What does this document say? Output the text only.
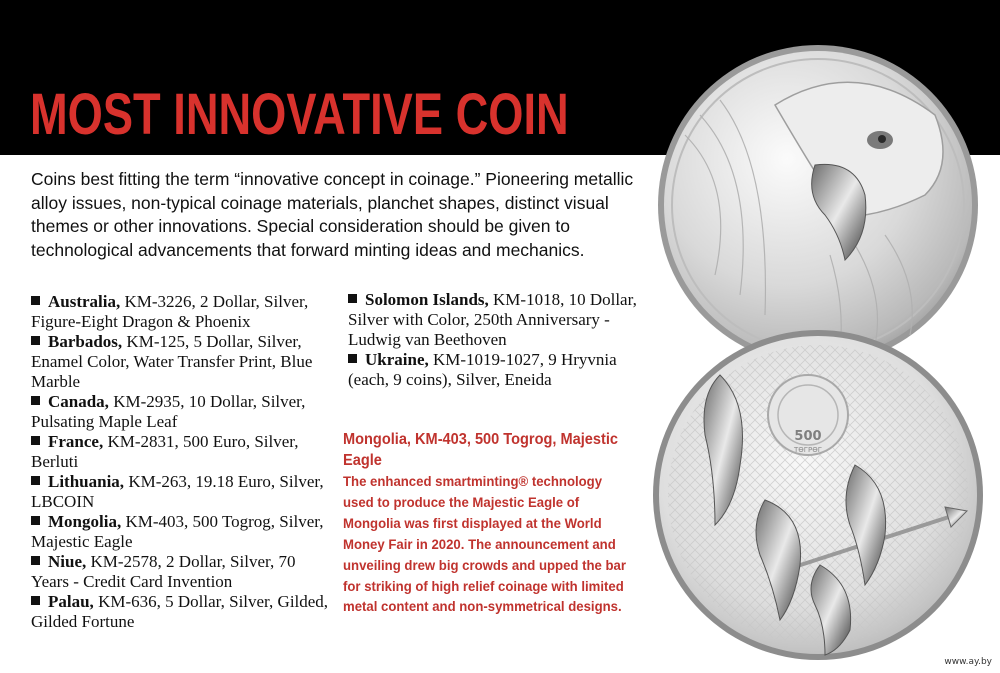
MOST INNOVATIVE COIN

Coins best fitting the term “innovative concept in coinage.” Pioneering metallic alloy issues, non-typical coinage materials, planchet shapes, distinct visual themes or other innovations. Special consideration should be given to technological advancements that forward minting ideas and mechanics.

Australia, KM-3226, 2 Dollar, Silver, Figure-Eight Dragon & Phoenix
Barbados, KM-125, 5 Dollar, Silver, Enamel Color, Water Transfer Print, Blue Marble
Canada, KM-2935, 10 Dollar, Silver, Pulsating Maple Leaf
France, KM-2831, 500 Euro, Silver, Berluti
Lithuania, KM-263, 19.18 Euro, Silver, LBCOIN
Mongolia, KM-403, 500 Togrog, Silver, Majestic Eagle
Niue, KM-2578, 2 Dollar, Silver, 70 Years - Credit Card Invention
Palau, KM-636, 5 Dollar, Silver, Gilded, Gilded Fortune
Solomon Islands, KM-1018, 10 Dollar, Silver with Color, 250th Anniversary - Ludwig van Beethoven
Ukraine, KM-1019-1027, 9 Hryvnia (each, 9 coins), Silver, Eneida
Mongolia, KM-403, 500 Togrog, Majestic Eagle

The enhanced smartminting® technology used to produce the Majestic Eagle of Mongolia was first displayed at the World Money Fair in 2020. The announcement and unveiling drew big crowds and upped the bar for striking of high relief coinage with limited metal content and non-symmetrical designs.

500
ТӨГРӨГ
www.ay.by
